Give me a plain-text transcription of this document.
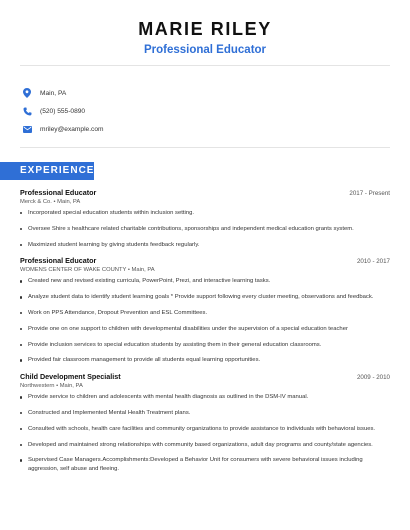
MARIE RILEY
Professional Educator
Main, PA
(520) 555-0890
mriley@example.com
EXPERIENCE
Professional Educator	2017 - Present
Merck & Co. • Main, PA
Incorporated special education students within inclusion setting.
Oversee Shire s healthcare related charitable contributions, sponsorships and independent medical education grants system.
Maximized student learning by giving students feedback regularly.
Professional Educator	2010 - 2017
WOMENS CENTER OF WAKE COUNTY • Main, PA
Created new and revised existing curricula, PowerPoint, Prezi, and interactive learning tasks.
Analyze student data to identify student learning goals * Provide support following every cluster meeting, observations and feedback.
Work on PPS Attendance, Dropout Prevention and ESL Committees.
Provide one on one support to children with developmental disabilities under the supervision of a special education teacher
Provide inclusion services to special education students by assisting them in their general education classrooms.
Provided fair classroom management to provide all students equal learning opportunities.
Child Development Specialist	2009 - 2010
Northwestern • Main, PA
Provide service to children and adolescents with mental health diagnosis as outlined in the DSM-IV manual.
Constructed and Implemented Mental Health Treatment plans.
Consulted with schools, health care facilities and community organizations to provide assistance to individuals with behavioral issues.
Developed and maintained strong relationships with community based organizations, adult day programs and county/state agencies.
Supervised Case Managers.Accomplishments:Developed a Behavior Unit for consumers with severe behavioral issues including aggression, self abuse and fleeing.
